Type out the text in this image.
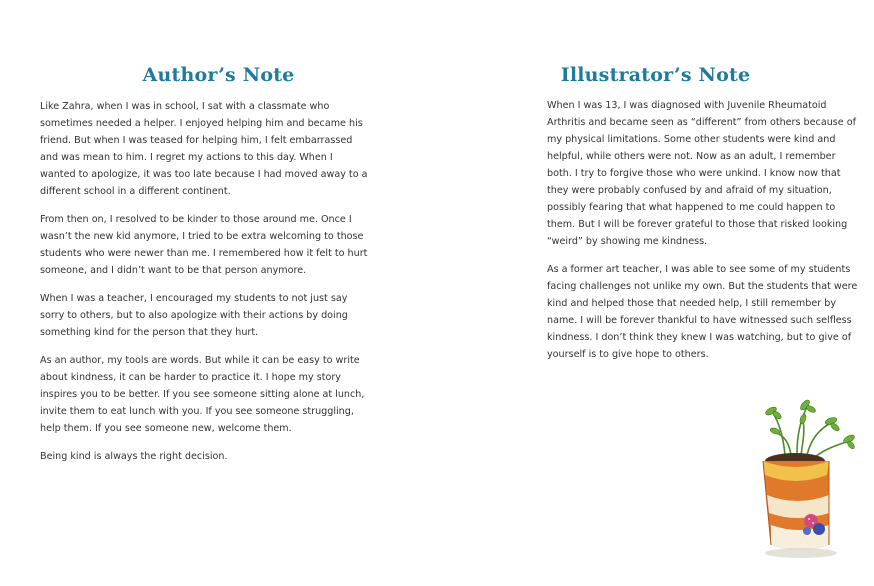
Author’s Note

Like Zahra, when I was in school, I sat with a classmate who sometimes needed a helper. I enjoyed helping him and became his friend. But when I was teased for helping him, I felt embarrassed and was mean to him. I regret my actions to this day. When I wanted to apologize, it was too late because I had moved away to a different school in a different continent.

From then on, I resolved to be kinder to those around me. Once I wasn’t the new kid anymore, I tried to be extra welcoming to those students who were newer than me. I remembered how it felt to hurt someone, and I didn’t want to be that person anymore.

When I was a teacher, I encouraged my students to not just say sorry to others, but to also apologize with their actions by doing something kind for the person that they hurt.

As an author, my tools are words. But while it can be easy to write about kindness, it can be harder to practice it. I hope my story inspires you to be better. If you see someone sitting alone at lunch, invite them to eat lunch with you. If you see someone struggling, help them. If you see someone new, welcome them.

Being kind is always the right decision.

Illustrator’s Note

When I was 13, I was diagnosed with Juvenile Rheumatoid Arthritis and became seen as “different” from others because of my physical limitations. Some other students were kind and helpful, while others were not. Now as an adult, I remember both. I try to forgive those who were unkind. I know now that they were probably confused by and afraid of my situation, possibly fearing that what happened to me could happen to them. But I will be forever grateful to those that risked looking “weird” by showing me kindness.

As a former art teacher, I was able to see some of my students facing challenges not unlike my own. But the students that were kind and helped those that needed help, I still remember by name. I will be forever thankful to have witnessed such selfless kindness. I don’t think they knew I was watching, but to give of yourself is to give hope to others.
